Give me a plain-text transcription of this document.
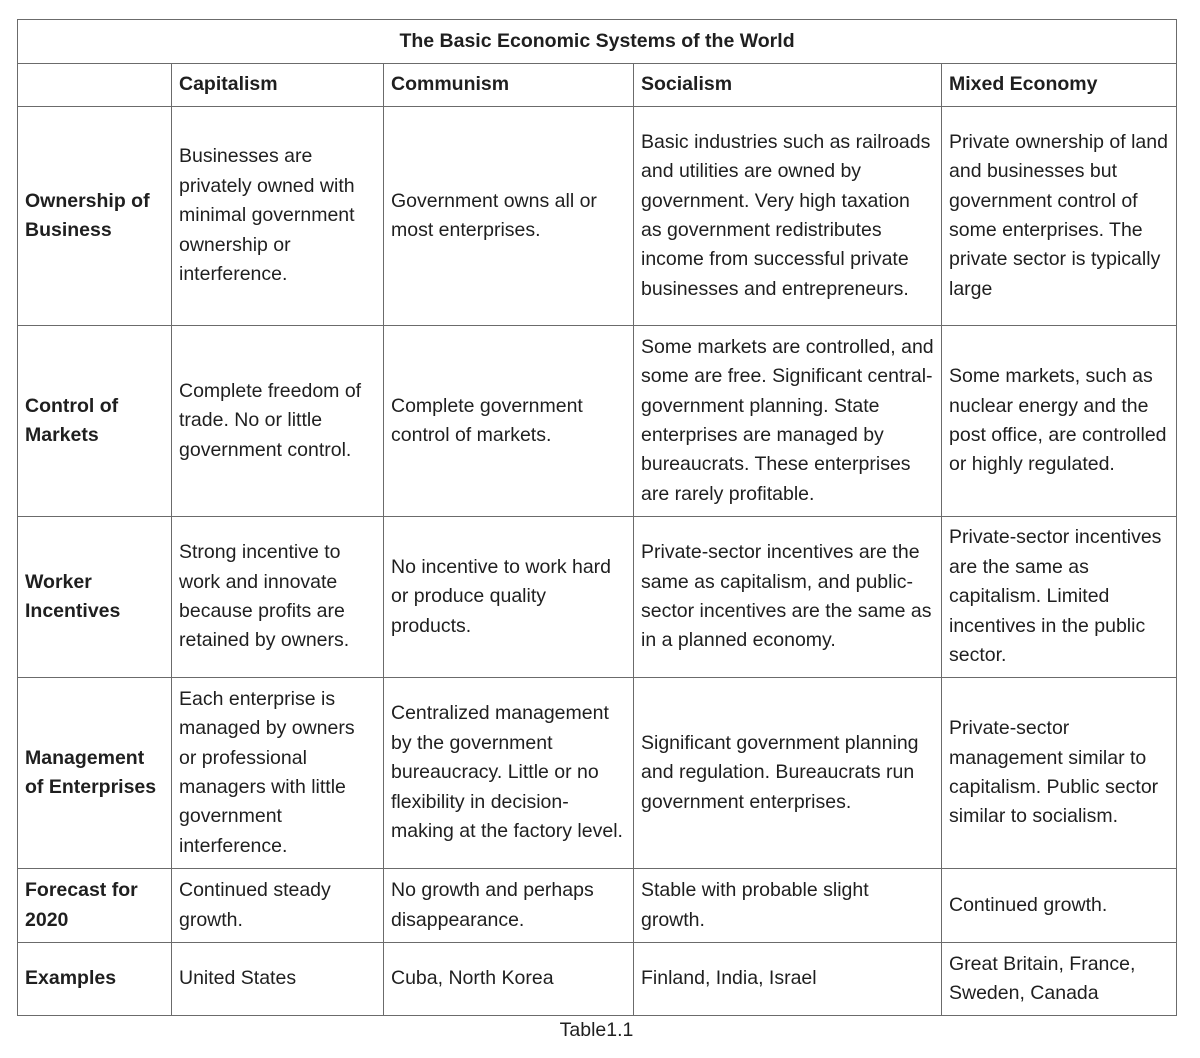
The Basic Economic Systems of the World				
	Capitalism	Communism	Socialism	Mixed Economy
Ownership of Business	Businesses are privately owned with minimal government ownership or interference.	Government owns all or most enterprises.	Basic industries such as railroads and utilities are owned by government. Very high taxation as government redistributes income from successful private businesses and entrepreneurs.	Private ownership of land and businesses but government control of some enterprises. The private sector is typically large
Control of Markets	Complete freedom of trade. No or little government control.	Complete government control of markets.	Some markets are controlled, and some are free. Significant central-government planning. State enterprises are managed by bureaucrats. These enterprises are rarely profitable.	Some markets, such as nuclear energy and the post office, are controlled or highly regulated.
Worker Incentives	Strong incentive to work and innovate because profits are retained by owners.	No incentive to work hard or produce quality products.	Private-sector incentives are the same as capitalism, and public-sector incentives are the same as in a planned economy.	Private-sector incentives are the same as capitalism. Limited incentives in the public sector.
Management of Enterprises	Each enterprise is managed by owners or professional managers with little government interference.	Centralized management by the government bureaucracy. Little or no flexibility in decision-making at the factory level.	Significant government planning and regulation. Bureaucrats run government enterprises.	Private-sector management similar to capitalism. Public sector similar to socialism.
Forecast for 2020	Continued steady growth.	No growth and perhaps disappearance.	Stable with probable slight growth.	Continued growth.
Examples	United States	Cuba, North Korea	Finland, India, Israel	Great Britain, France, Sweden, Canada
Table1.1
